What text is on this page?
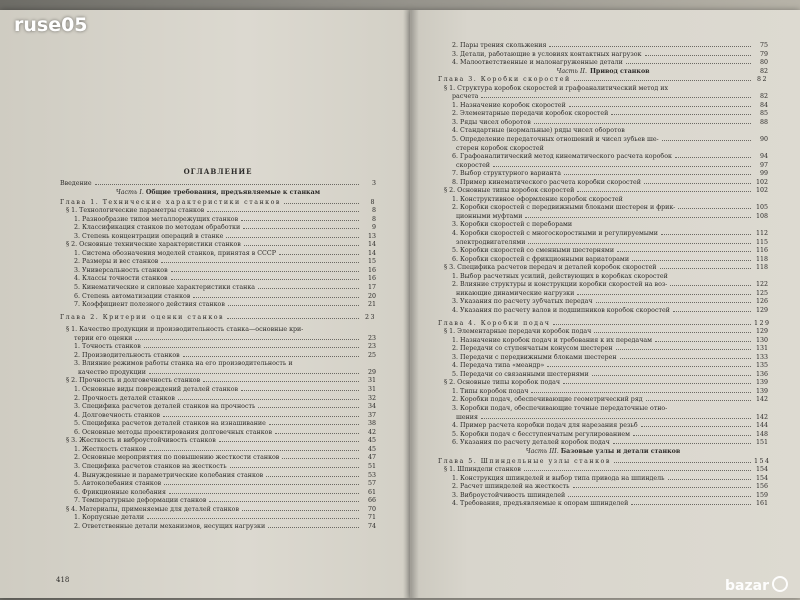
ОГЛАВЛЕНИЕ
Введение	3
Часть I. Общие требования, предъявляемые к станкам
Глава 1. Технические характеристики станков	8
§ 1. Технологические параметры станков	8
1. Разнообразие типов металлорежущих станков	8
2. Классификация станков по методам обработки	9
3. Степень концентрации операций в станке	13
§ 2. Основные технические характеристики станков	14
1. Система обозначения моделей станков, принятая в СССР	14
2. Размеры и вес станков	15
3. Универсальность станков	16
4. Классы точности станков	16
5. Кинематические и силовые характеристики станка	17
6. Степень автоматизации станков	20
7. Коэффициент полезного действия станков	21
Глава 2. Критерии оценки станков	23
§ 1. Качество продукции и производительность станка—основные кри-
терии его оценки	23
1. Точность станков	23
2. Производительность станков	25
3. Влияние режимов работы станка на его производительность и
качество продукции	29
§ 2. Прочность и долговечность станков	31
1. Основные виды повреждений деталей станков	31
2. Прочность деталей станков	32
3. Специфика расчетов деталей станков на прочность	34
4. Долговечность станков	37
5. Специфика расчетов деталей станков на изнашивание	38
6. Основные методы проектирования долговечных станков	42
§ 3. Жесткость и виброустойчивость станков	45
1. Жесткость станков	45
2. Основные мероприятия по повышению жесткости станков	47
3. Специфика расчетов станков на жесткость	51
4. Вынужденные и параметрические колебания станков	53
5. Автоколебания станков	57
6. Фрикционные колебания	61
7. Температурные деформации станков	66
§ 4. Материалы, применяемые для деталей станков	70
1. Корпусные детали	71
2. Ответственные детали механизмов, несущих нагрузки	74
418
2. Пары трения скольжения	75
3. Детали, работающие в условиях контактных нагрузок	79
4. Малоответственные и малонагруженные детали	80
Часть II. Привод станков	82
Глава 3. Коробки скоростей	82
§ 1. Структура коробок скоростей и графоаналитический метод их
расчета	82
1. Назначение коробок скоростей	84
2. Элементарные передачи коробок скоростей	85
3. Ряды чисел оборотов	88
4. Стандартные (нормальные) ряды чисел оборотов
5. Определение передаточных отношений и чисел зубьев ше-	90
стерен коробок скоростей
6. Графоаналитический метод кинематического расчета коробок	94
скоростей	97
7. Выбор структурного варианта	99
8. Пример кинематического расчета коробки скоростей	102
§ 2. Основные типы коробок скоростей	102
1. Конструктивное оформление коробок скоростей
2. Коробки скоростей с передвижными блоками шестерен и фрик-	105
ционными муфтами	108
3. Коробки скоростей с переборами
4. Коробки скоростей с многоскоростными и регулируемыми	112
электродвигателями	115
5. Коробки скоростей со сменными шестернями	116
6. Коробки скоростей с фрикционными вариаторами	118
§ 3. Специфика расчетов передач и деталей коробок скоростей	118
1. Выбор расчетных усилий, действующих в коробках скоростей
2. Влияние структуры и конструкции коробки скоростей на воз-	122
никающие динамические нагрузки	125
3. Указания по расчету зубчатых передач	126
4. Указания по расчету валов и подшипников коробок скоростей	129
Глава 4. Коробки подач	129
§ 1. Элементарные передачи коробок подач	129
1. Назначение коробок подач и требования к их передачам	130
2. Передачи со ступенчатым конусом шестерен	131
3. Передачи с передвижными блоками шестерен	133
4. Передача типа «меандр»	135
5. Передачи со связанными шестернями	136
§ 2. Основные типы коробок подач	139
1. Типы коробок подач	139
2. Коробки подач, обеспечивающие геометрический ряд	142
3. Коробки подач, обеспечивающие точные передаточные отно-
шения	142
4. Пример расчета коробки подач для нарезания резьб	144
5. Коробки подач с бесступенчатым регулированием	148
6. Указания по расчету деталей коробок подач	151
Часть III. Базовые узлы и детали станков
Глава 5. Шпиндельные узлы станков	154
§ 1. Шпиндели станков	154
1. Конструкция шпинделей и выбор типа привода на шпиндель	154
2. Расчет шпинделей на жесткость	156
3. Виброустойчивость шпинделей	159
4. Требования, предъявляемые к опорам шпинделей	161
ruse05
bazar
